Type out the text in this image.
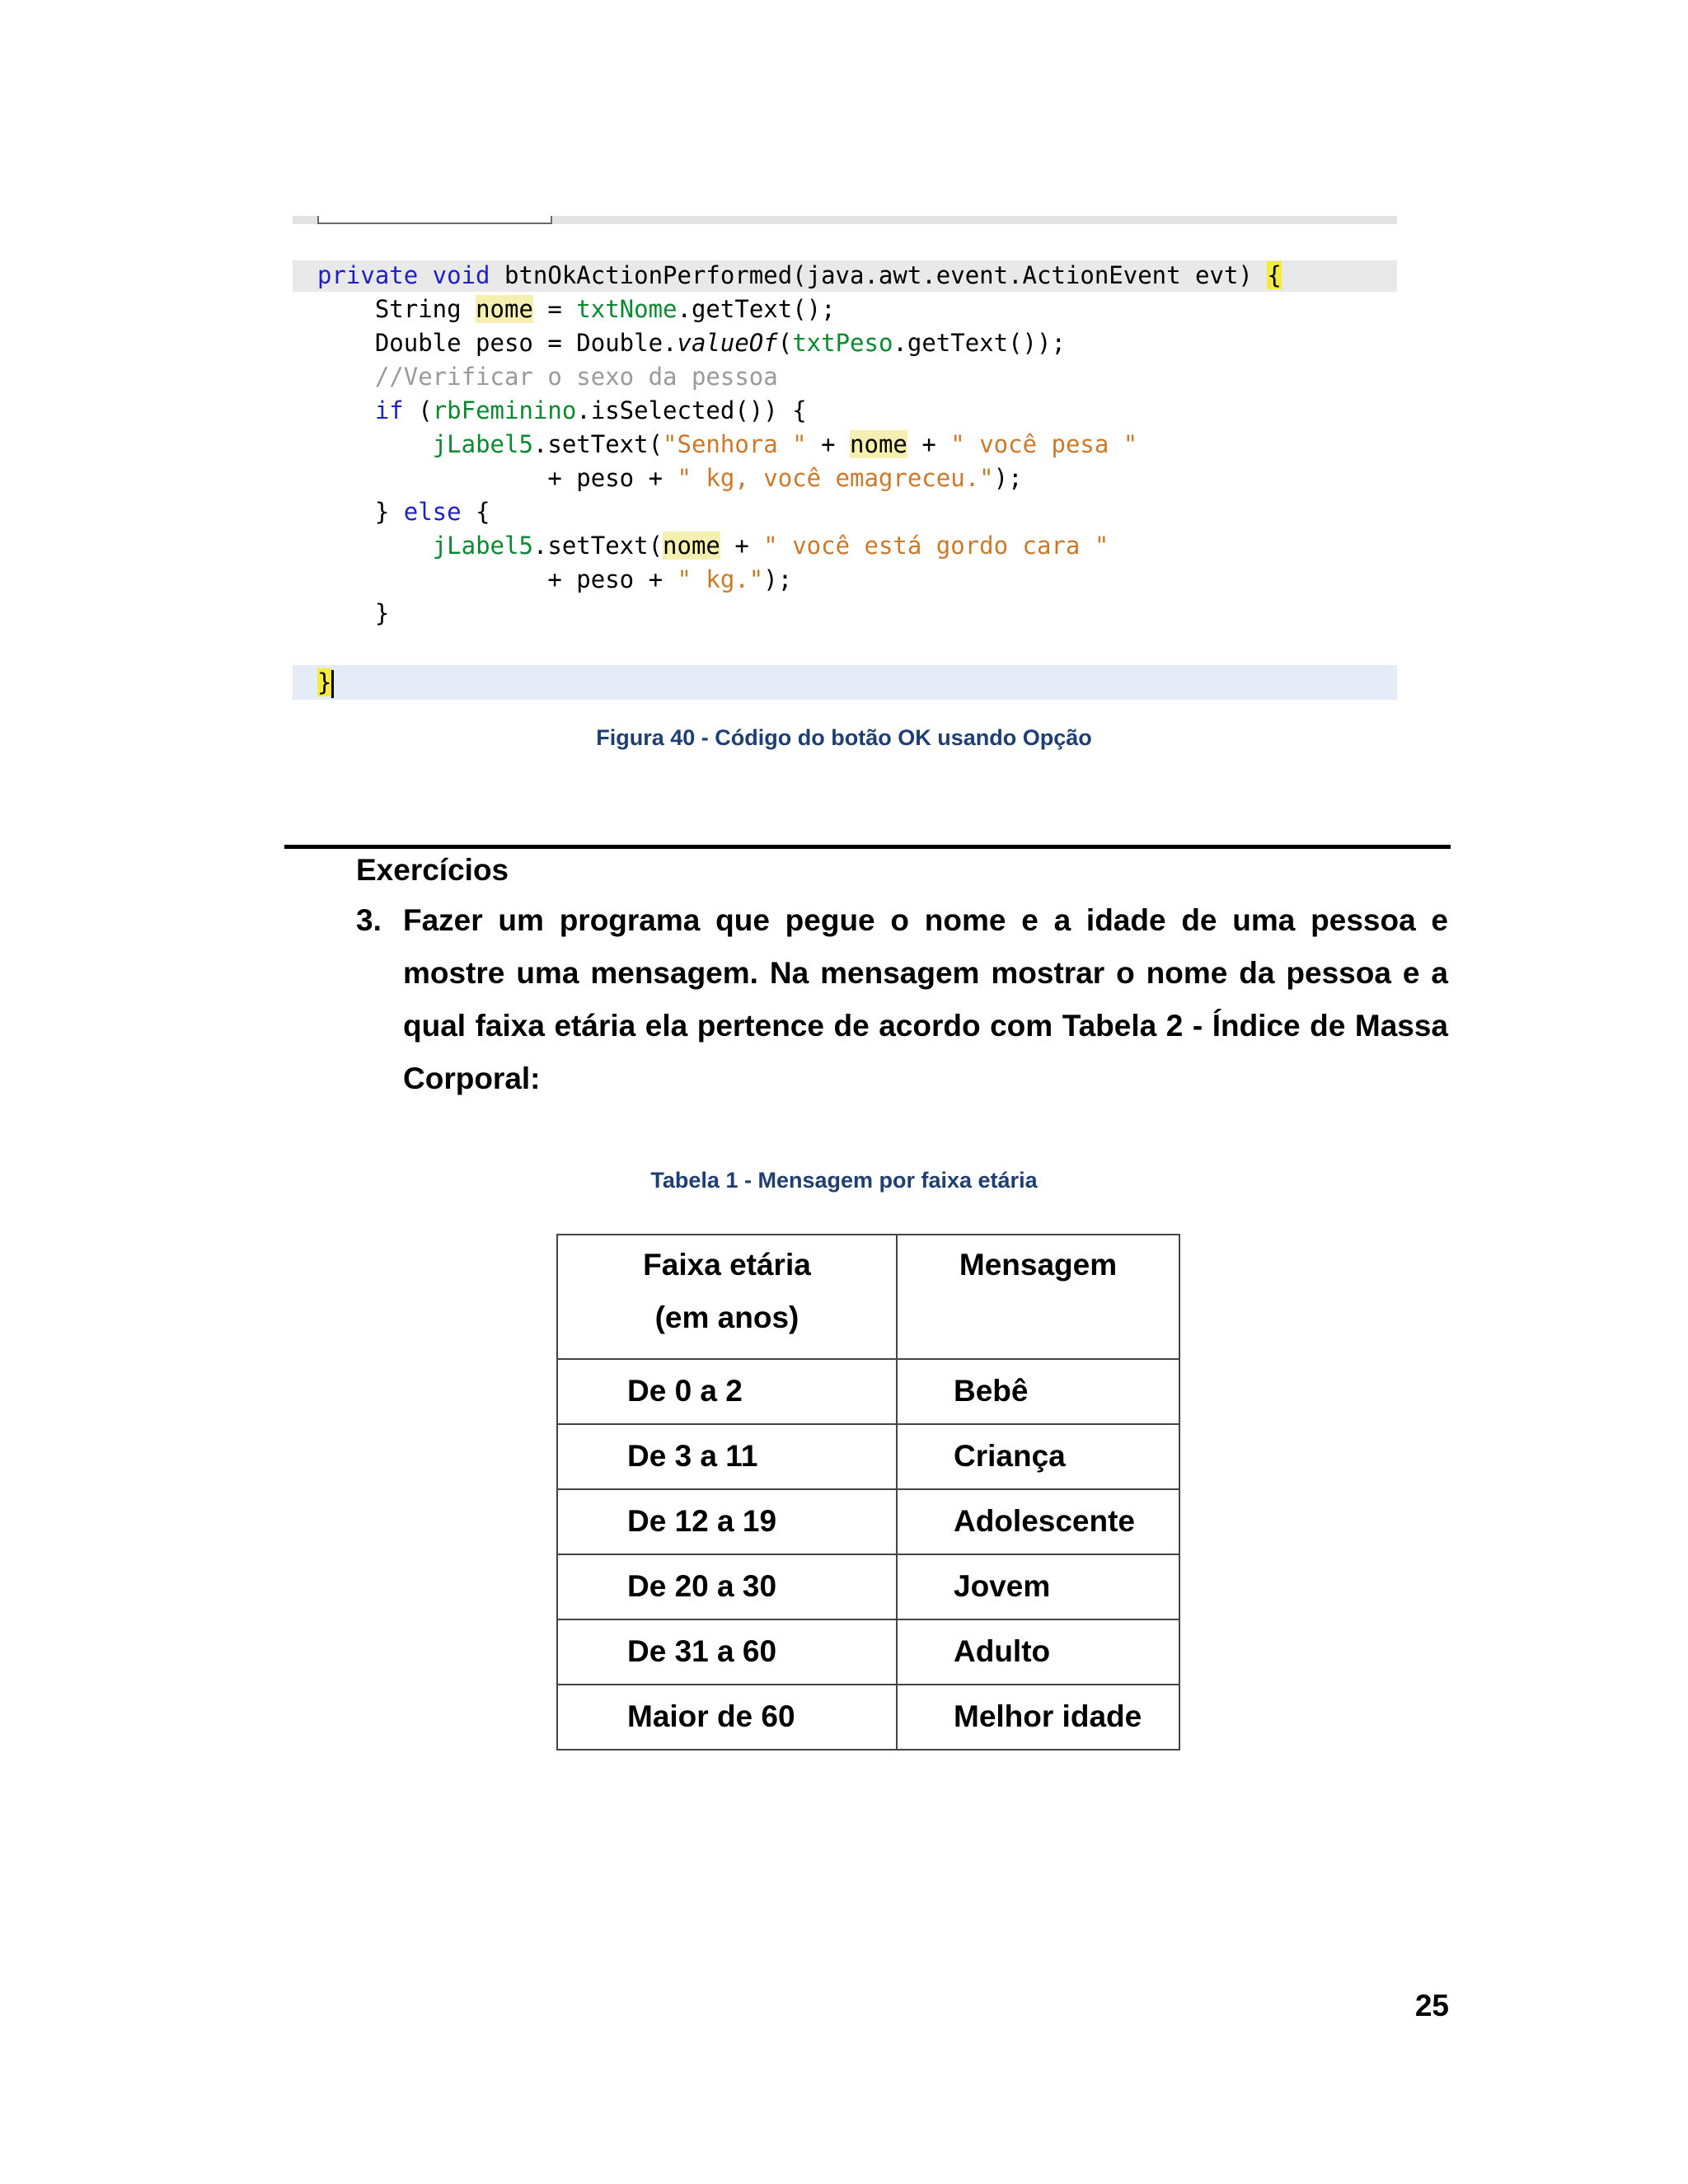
private void btnOkActionPerformed(java.awt.event.ActionEvent evt) {
String nome = txtNome.getText();
Double peso = Double.valueOf(txtPeso.getText());
//Verificar o sexo da pessoa
if (rbFeminino.isSelected()) {
jLabel5.setText("Senhora " + nome + " você pesa "
+ peso + " kg, você emagreceu.");
} else {
jLabel5.setText(nome + " você está gordo cara "
+ peso + " kg.");
}
}
Figura 40 - Código do botão OK usando Opção
Exercícios
3. Fazer um programa que pegue o nome e a idade de uma pessoa e mostre uma mensagem. Na mensagem mostrar o nome da pessoa e a qual faixa etária ela pertence de acordo com Tabela 2 - Índice de Massa Corporal:
Tabela 1 - Mensagem por faixa etária
Faixa etária
(em anos)	Mensagem
De 0 a 2	Bebê
De 3 a 11	Criança
De 12 a 19	Adolescente
De 20 a 30	Jovem
De 31 a 60	Adulto
Maior de 60	Melhor idade
25
